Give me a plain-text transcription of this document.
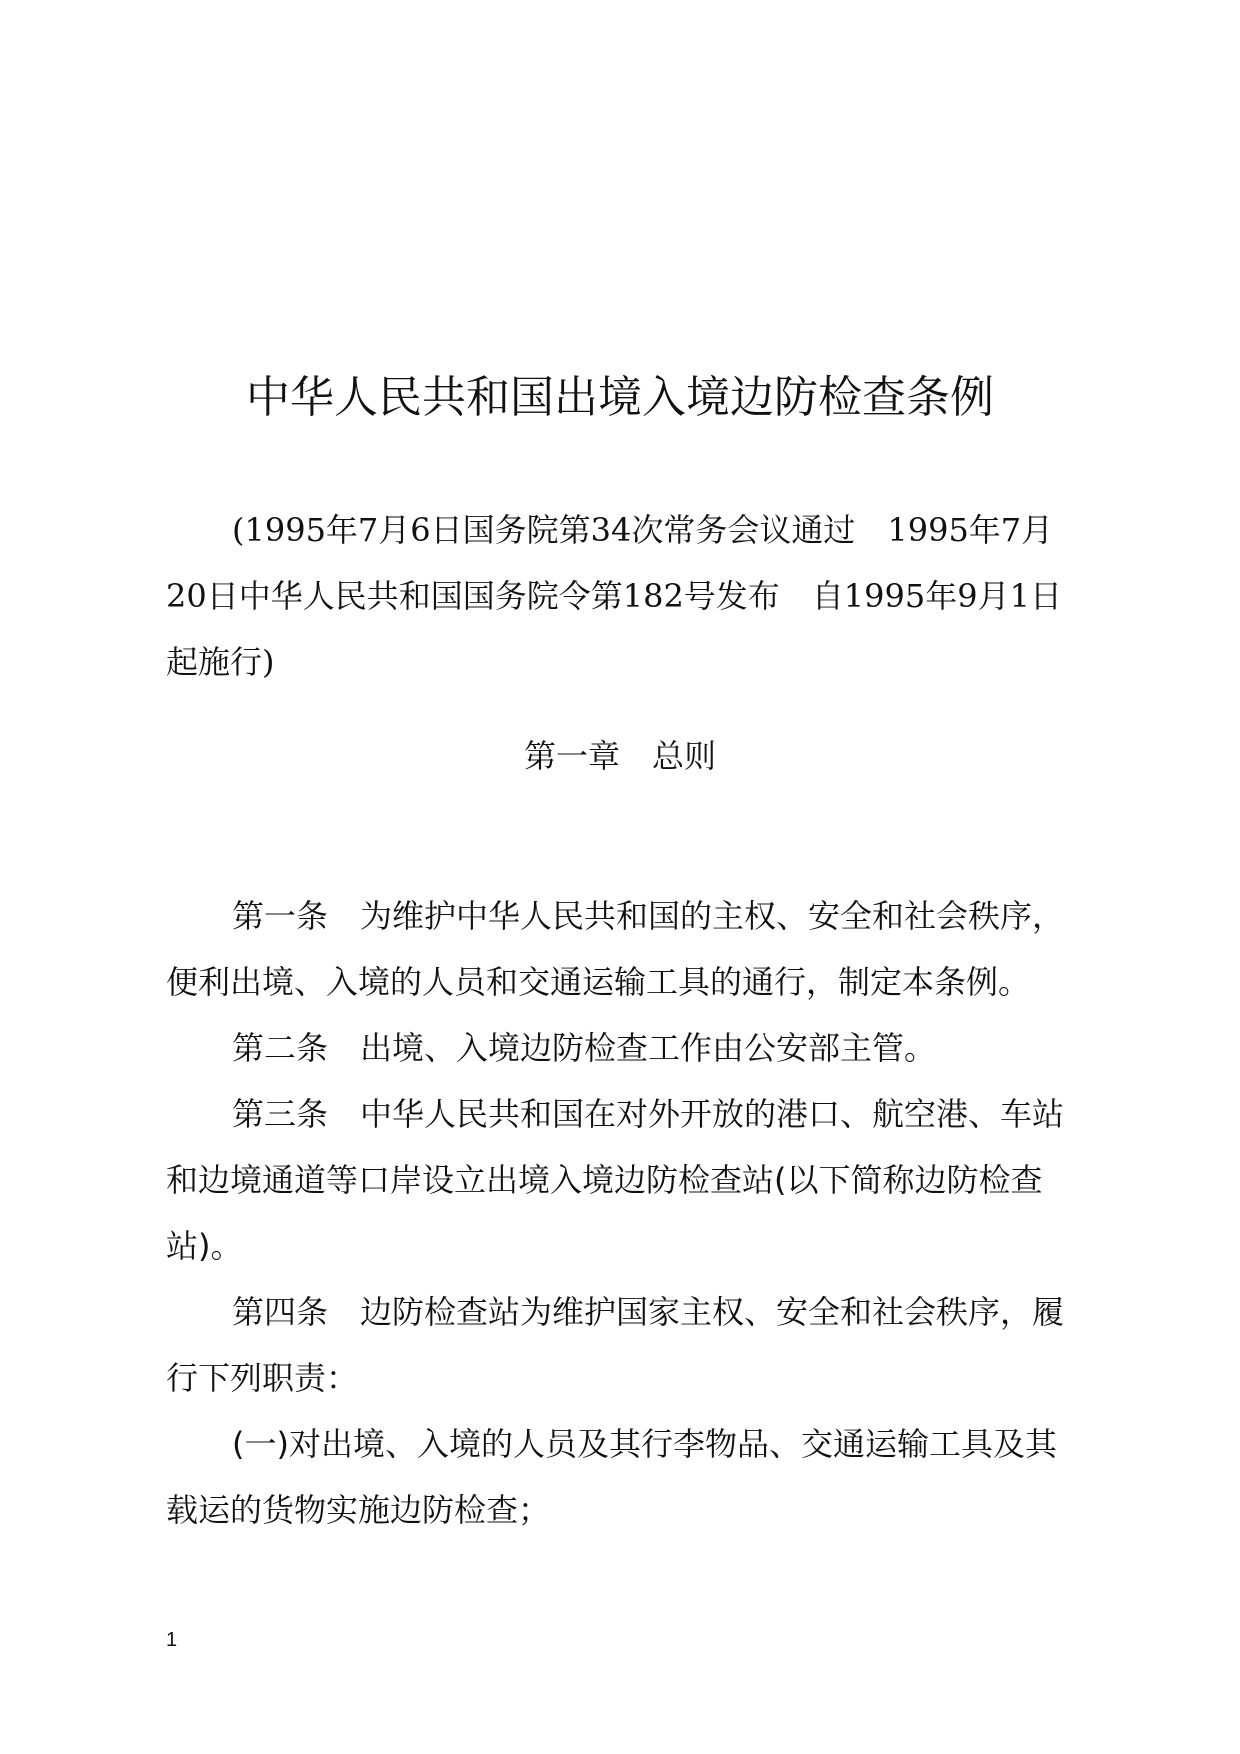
中华人民共和国出境入境边防检查条例

(1995年7月6日国务院第34次常务会议通过　1995年7月20日中华人民共和国国务院令第182号发布　自1995年9月1日起施行)

第一章　总则

第一条　为维护中华人民共和国的主权、安全和社会秩序，便利出境、入境的人员和交通运输工具的通行，制定本条例。

第二条　出境、入境边防检查工作由公安部主管。

第三条　中华人民共和国在对外开放的港口、航空港、车站和边境通道等口岸设立出境入境边防检查站(以下简称边防检查站)。

第四条　边防检查站为维护国家主权、安全和社会秩序，履行下列职责：

(一)对出境、入境的人员及其行李物品、交通运输工具及其载运的货物实施边防检查；

1
